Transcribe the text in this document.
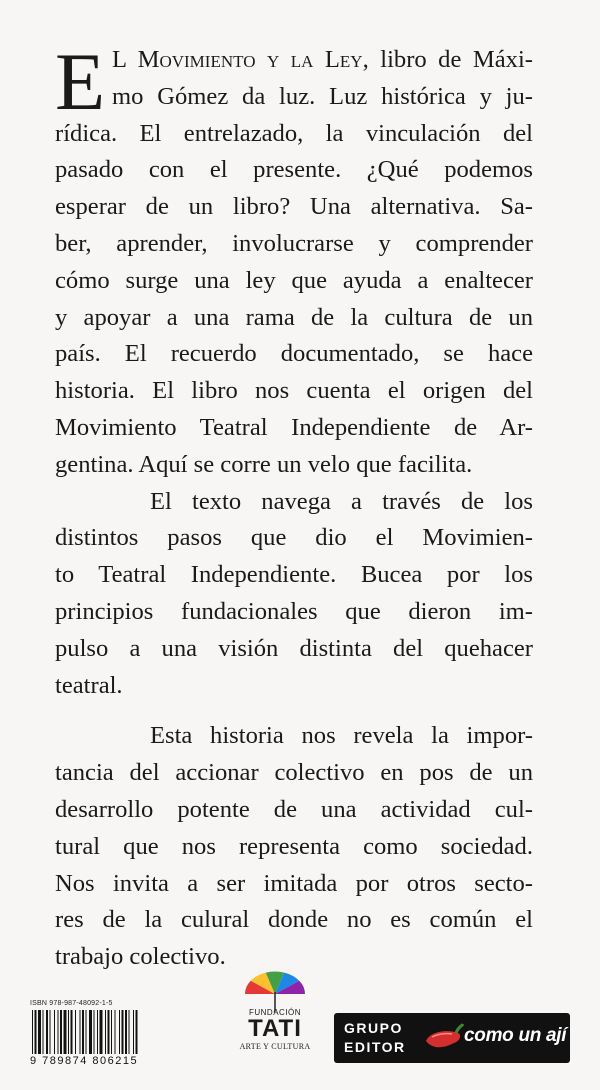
E L Movimiento y la Ley, libro de Máxi-
mo Gómez da luz. Luz histórica y ju-
rídica. El entrelazado, la vinculación del
pasado con el presente. ¿Qué podemos
esperar de un libro? Una alternativa. Sa-
ber, aprender, involucrarse y comprender
cómo surge una ley que ayuda a enaltecer
y apoyar a una rama de la cultura de un
país. El recuerdo documentado, se hace
historia. El libro nos cuenta el origen del
Movimiento Teatral Independiente de Ar-
gentina. Aquí se corre un velo que facilita.
El texto navega a través de los
distintos pasos que dio el Movimien-
to Teatral Independiente. Bucea por los
principios fundacionales que dieron im-
pulso a una visión distinta del quehacer
teatral.
Esta historia nos revela la impor-
tancia del accionar colectivo en pos de un
desarrollo potente de una actividad cul-
tural que nos representa como sociedad.
Nos invita a ser imitada por otros secto-
res de la culural donde no es común el
trabajo colectivo.
ISBN 978-987-48092-1-5
9 789874 806215
FUNDACIÓN
TATI
ARTE Y CULTURA
GRUPO
EDITOR
como un ají
